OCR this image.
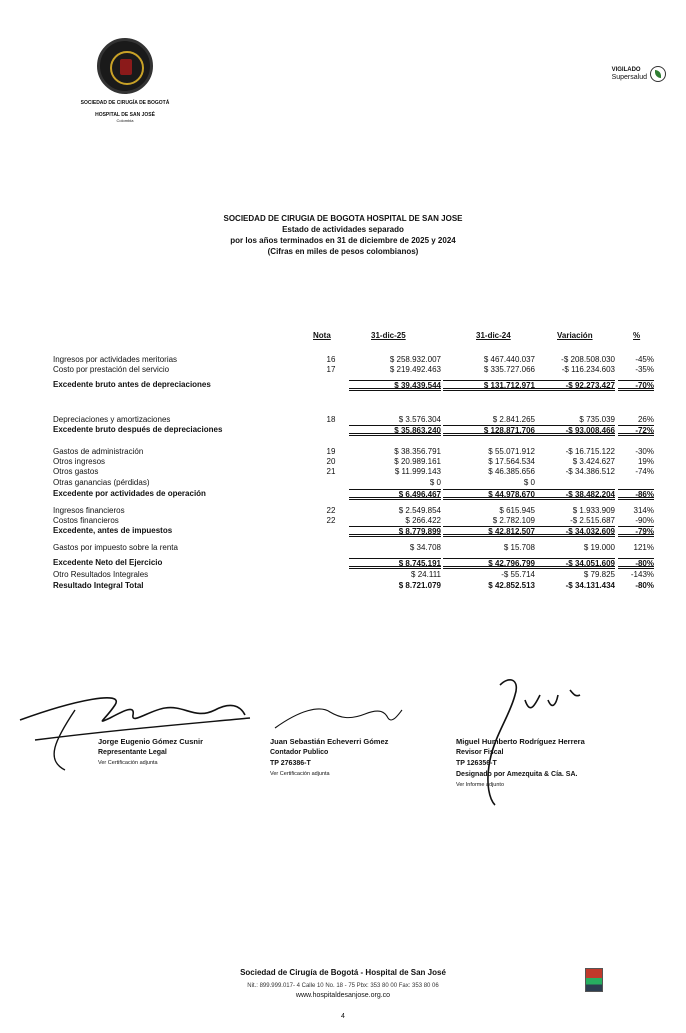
SOCIEDAD DE CIRUGÍA DE BOGOTÁ
HOSPITAL DE SAN JOSÉ
Colombia
VIGILADO
Supersalud
SOCIEDAD DE CIRUGIA DE BOGOTA HOSPITAL DE SAN JOSE
Estado de actividades separado
por los años terminados en 31 de diciembre de 2025 y 2024
(Cifras en miles de pesos colombianos)
Nota	31-dic-25	31-dic-24	Variación	%
Ingresos por actividades meritorias	16	$ 258.932.007	$ 467.440.037	-$ 208.508.030	-45%
Costo por prestación del servicio	17	$ 219.492.463	$ 335.727.066	-$ 116.234.603	-35%
Excedente bruto antes de depreciaciones	$ 39.439.544	$ 131.712.971	-$ 92.273.427	-70%
Depreciaciones y amortizaciones	18	$ 3.576.304	$ 2.841.265	$ 735.039	26%
Excedente bruto después de depreciaciones	$ 35.863.240	$ 128.871.706	-$ 93.008.466	-72%
Gastos de administración	19	$ 38.356.791	$ 55.071.912	-$ 16.715.122	-30%
Otros ingresos	20	$ 20.989.161	$ 17.564.534	$ 3.424.627	19%
Otros gastos	21	$ 11.999.143	$ 46.385.656	-$ 34.386.512	-74%
Otras ganancias (pérdidas)	$ 0	$ 0
Excedente por actividades de operación	$ 6.496.467	$ 44.978.670	-$ 38.482.204	-86%
Ingresos financieros	22	$ 2.549.854	$ 615.945	$ 1.933.909	314%
Costos financieros	22	$ 266.422	$ 2.782.109	-$ 2.515.687	-90%
Excedente, antes de impuestos	$ 8.779.899	$ 42.812.507	-$ 34.032.609	-79%
Gastos por impuesto sobre la renta	$ 34.708	$ 15.708	$ 19.000	121%
Excedente Neto del Ejercicio	$ 8.745.191	$ 42.796.799	-$ 34.051.609	-80%
Otro Resultados Integrales	$ 24.111	-$ 55.714	$ 79.825	-143%
Resultado Integral Total	$ 8.721.079	$ 42.852.513	-$ 34.131.434	-80%
Jorge Eugenio Gómez Cusnir
Representante Legal
Ver Certificación adjunta
Juan Sebastián Echeverri Gómez
Contador Publico
TP 276386-T
Ver Certificación adjunta
Miguel Humberto Rodríguez Herrera
Revisor Fiscal
TP 126356-T
Designado por Amezquita & Cía. SA.
Ver Informe adjunto
Sociedad de Cirugía de Bogotá - Hospital de San José
Nit.: 899.999.017- 4 Calle 10 No. 18 - 75 Pbx: 353 80 00 Fax: 353 80 06
www.hospitaldesanjose.org.co
4
